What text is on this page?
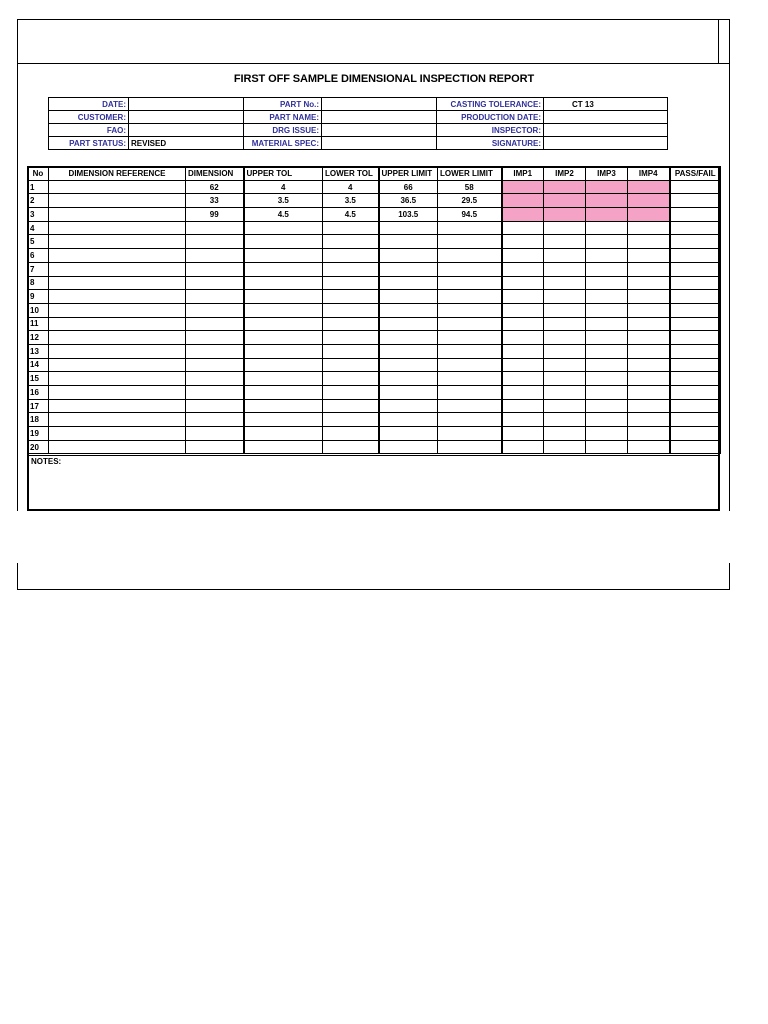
FIRST OFF SAMPLE DIMENSIONAL INSPECTION REPORT
DATE:		PART No.:		CASTING TOLERANCE:	CT 13
CUSTOMER:		PART NAME:		PRODUCTION DATE:	
FAO:		DRG ISSUE:		INSPECTOR:	
PART STATUS:	REVISED	MATERIAL SPEC:		SIGNATURE:	
No	DIMENSION REFERENCE	DIMENSION	UPPER TOL	LOWER TOL	UPPER LIMIT	LOWER LIMIT	IMP1	IMP2	IMP3	IMP4	PASS/FAIL
1		62	4	4	66	58					
2		33	3.5	3.5	36.5	29.5					
3		99	4.5	4.5	103.5	94.5					
4											
5											
6											
7											
8											
9											
10											
11											
12											
13											
14											
15											
16											
17											
18											
19											
20											
NOTES:
